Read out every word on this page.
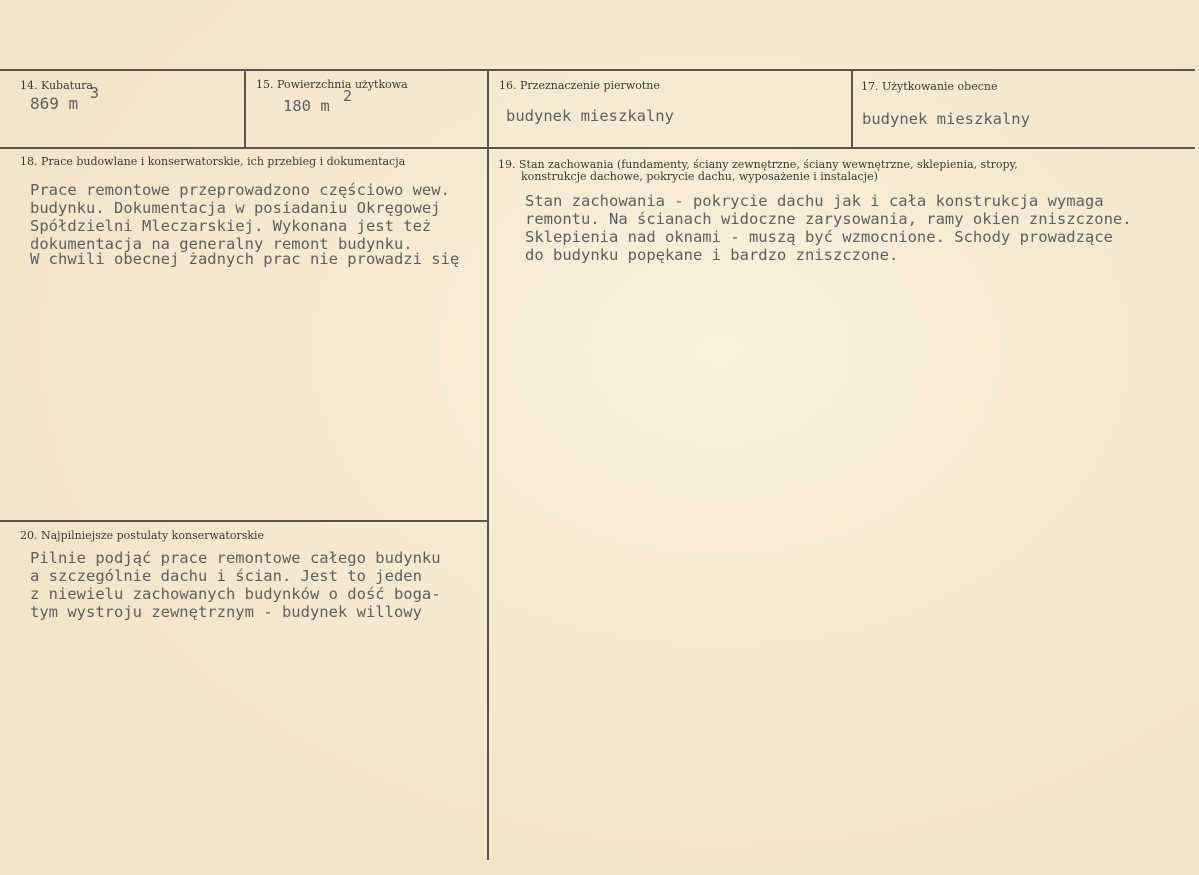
14. Kubatura
869 m
3	15. Powierzchnia użytkowa
180 m
2
16. Przeznaczenie pierwotne
budynek mieszkalny
17. Użytkowanie obecne
budynek mieszkalny
18. Prace budowlane i konserwatorskie, ich przebieg i dokumentacja
Prace remontowe przeprowadzono częściowo wew.
budynku. Dokumentacja w posiadaniu Okręgowej
Spółdzielni Mleczarskiej. Wykonana jest też
dokumentacja na generalny remont budynku.
W chwili obecnej żadnych prac nie prowadzi się
19. Stan zachowania (fundamenty, ściany zewnętrzne, ściany wewnętrzne, sklepienia, stropy,
konstrukcje dachowe, pokrycie dachu, wyposażenie i instalacje)
Stan zachowania - pokrycie dachu jak i cała konstrukcja wymaga
remontu. Na ścianach widoczne zarysowania, ramy okien zniszczone.
Sklepienia nad oknami - muszą być wzmocnione. Schody prowadzące
do budynku popękane i bardzo zniszczone.
20. Najpilniejsze postulaty konserwatorskie
Pilnie podjąć prace remontowe całego budynku
a szczególnie dachu i ścian. Jest to jeden
z niewielu zachowanych budynków o dość boga-
tym wystroju zewnętrznym - budynek willowy
